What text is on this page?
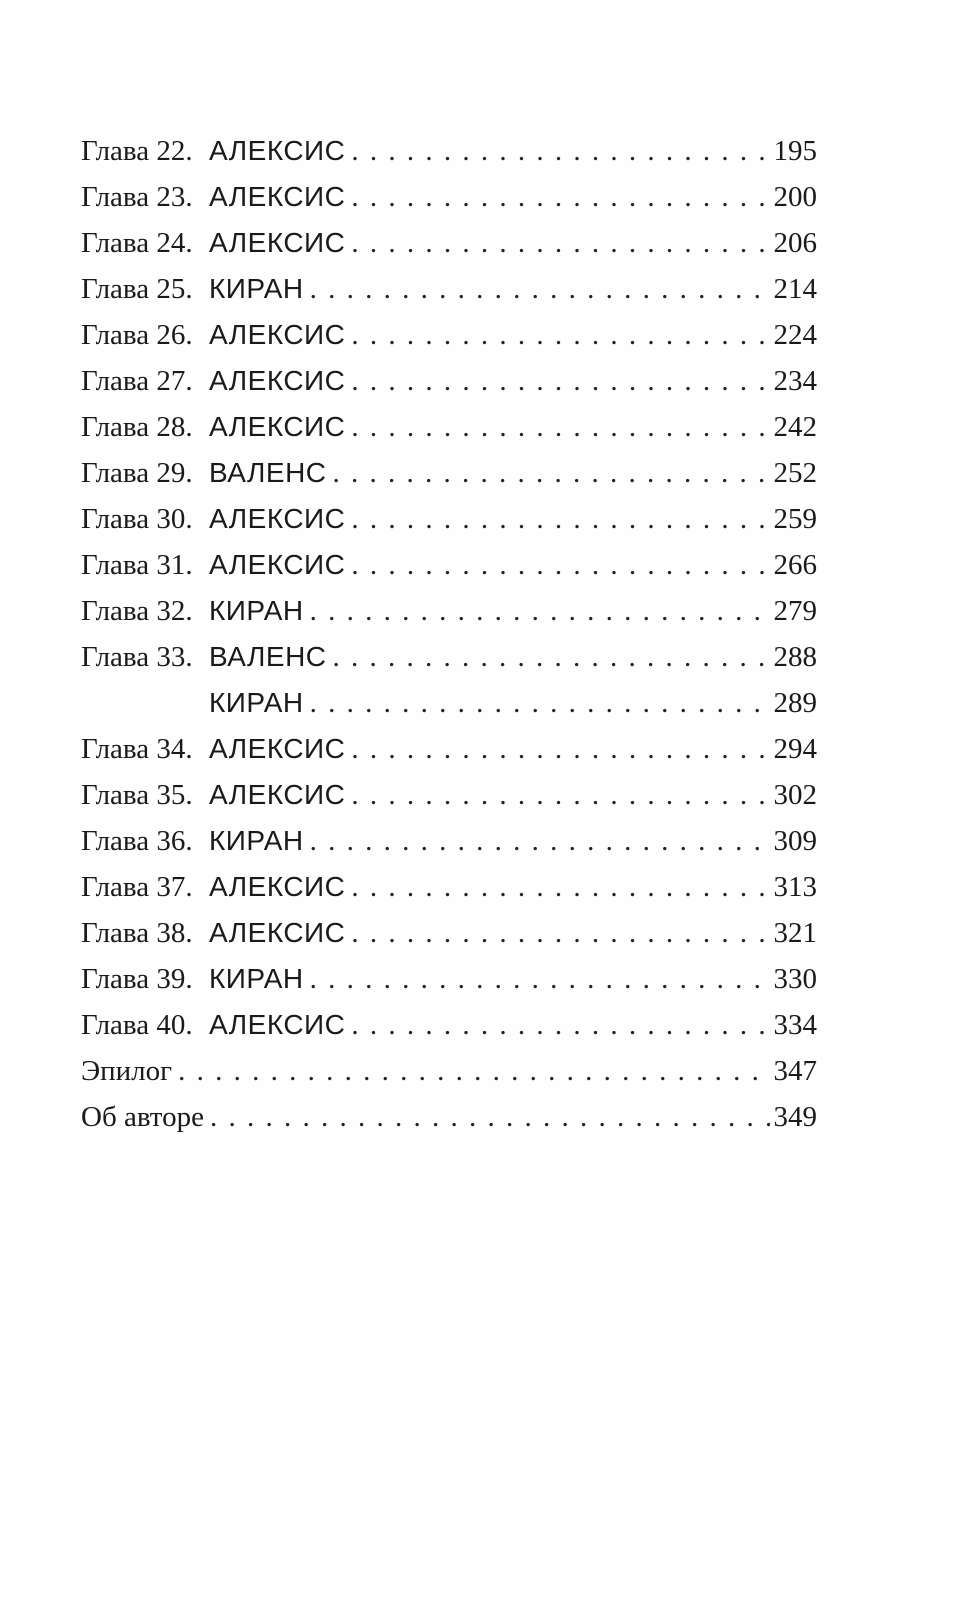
Глава 22. АЛЕКСИС . . .	195
Глава 23. АЛЕКСИС . . .	200
Глава 24. АЛЕКСИС . . .	206
Глава 25. КИРАН . . .	214
Глава 26. АЛЕКСИС . . .	224
Глава 27. АЛЕКСИС . . .	234
Глава 28. АЛЕКСИС . . .	242
Глава 29. ВАЛЕНС . . .	252
Глава 30. АЛЕКСИС . . .	259
Глава 31. АЛЕКСИС . . .	266
Глава 32. КИРАН . . .	279
Глава 33. ВАЛЕНС . . .	288
КИРАН . . .	289
Глава 34. АЛЕКСИС . . .	294
Глава 35. АЛЕКСИС . . .	302
Глава 36. КИРАН . . .	309
Глава 37. АЛЕКСИС . . .	313
Глава 38. АЛЕКСИС . . .	321
Глава 39. КИРАН . . .	330
Глава 40. АЛЕКСИС . . .	334
Эпилог . . .	347
Об авторе . . .	349
